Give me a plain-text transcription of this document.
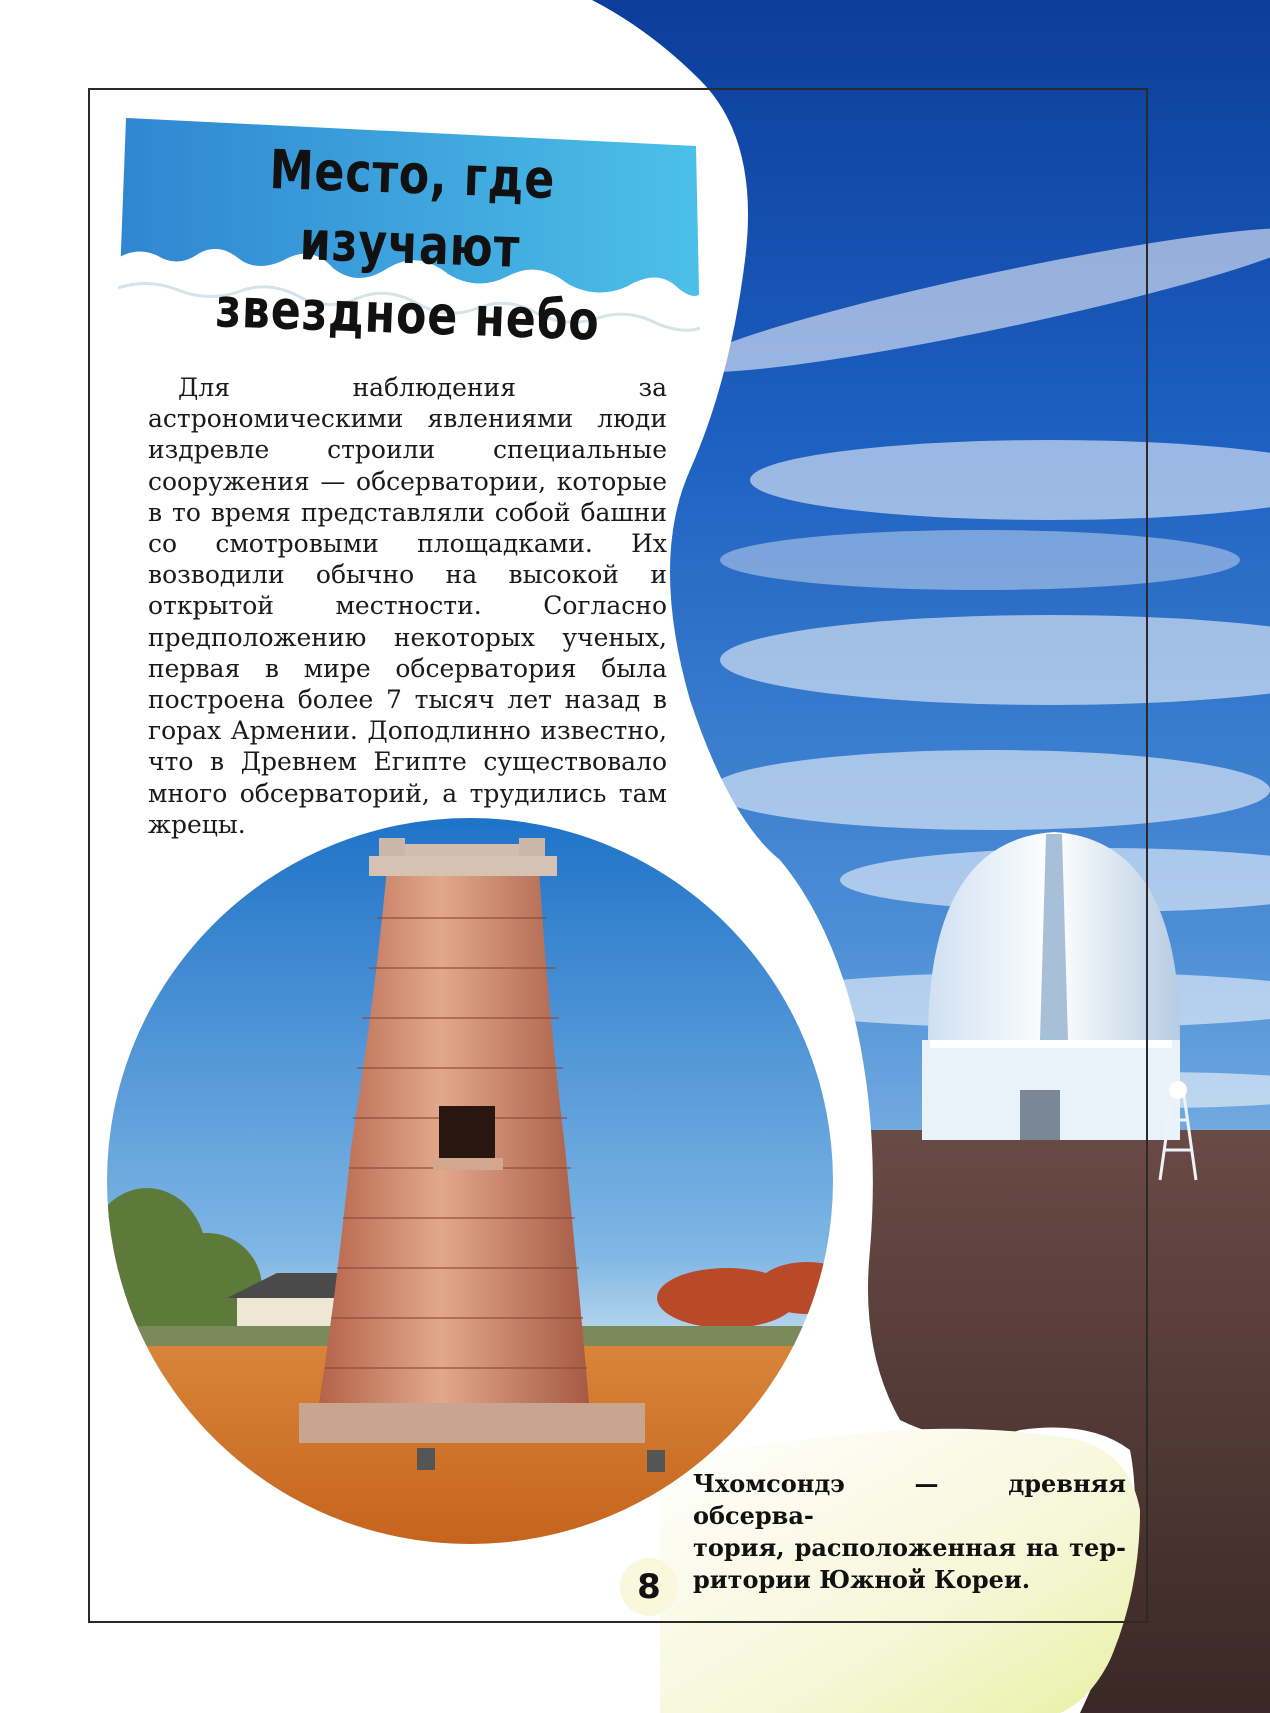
Место, где изучают
звездное небо

Для наблюдения за астрономическими явлениями люди издревле строили специальные сооружения — обсерватории, которые в то время представляли собой башни со смотровыми площадками. Их возводили обычно на высокой и открытой местности. Согласно предположению некоторых ученых, первая в мире обсерватория была построена более 7 тысяч лет назад в горах Армении. Доподлинно известно, что в Древнем Египте существовало много обсерваторий, а трудились там жрецы.

Чхомсондэ — древняя обсерва-
тория, расположенная на тер-
ритории Южной Кореи.
8
